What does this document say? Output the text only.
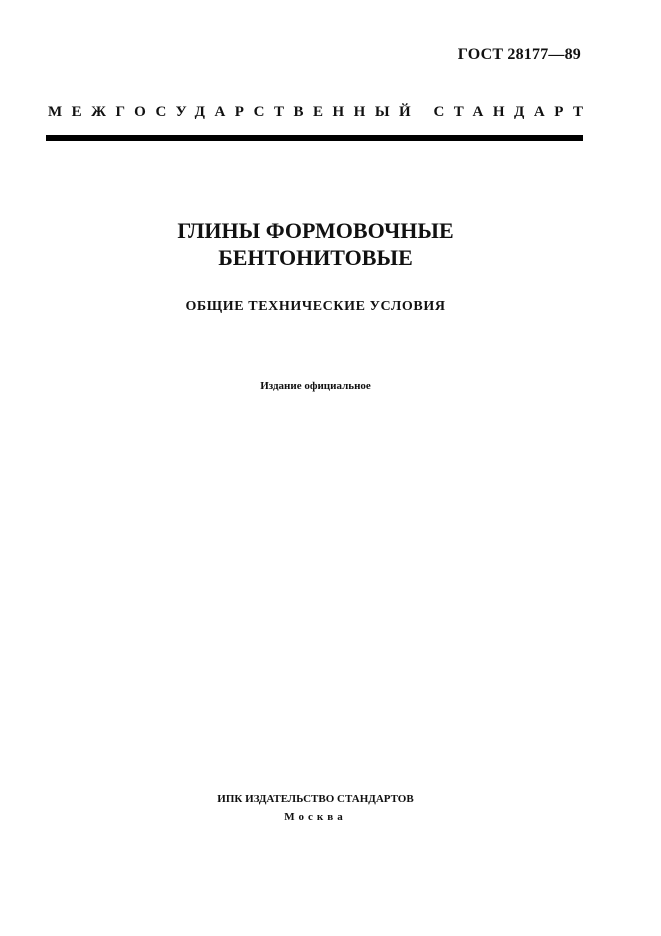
ГОСТ 28177—89
МЕЖГОСУДАРСТВЕННЫЙ СТАНДАРТ
ГЛИНЫ ФОРМОВОЧНЫЕ
БЕНТОНИТОВЫЕ
ОБЩИЕ ТЕХНИЧЕСКИЕ УСЛОВИЯ
Издание официальное
ИПК ИЗДАТЕЛЬСТВО СТАНДАРТОВ
Москва
